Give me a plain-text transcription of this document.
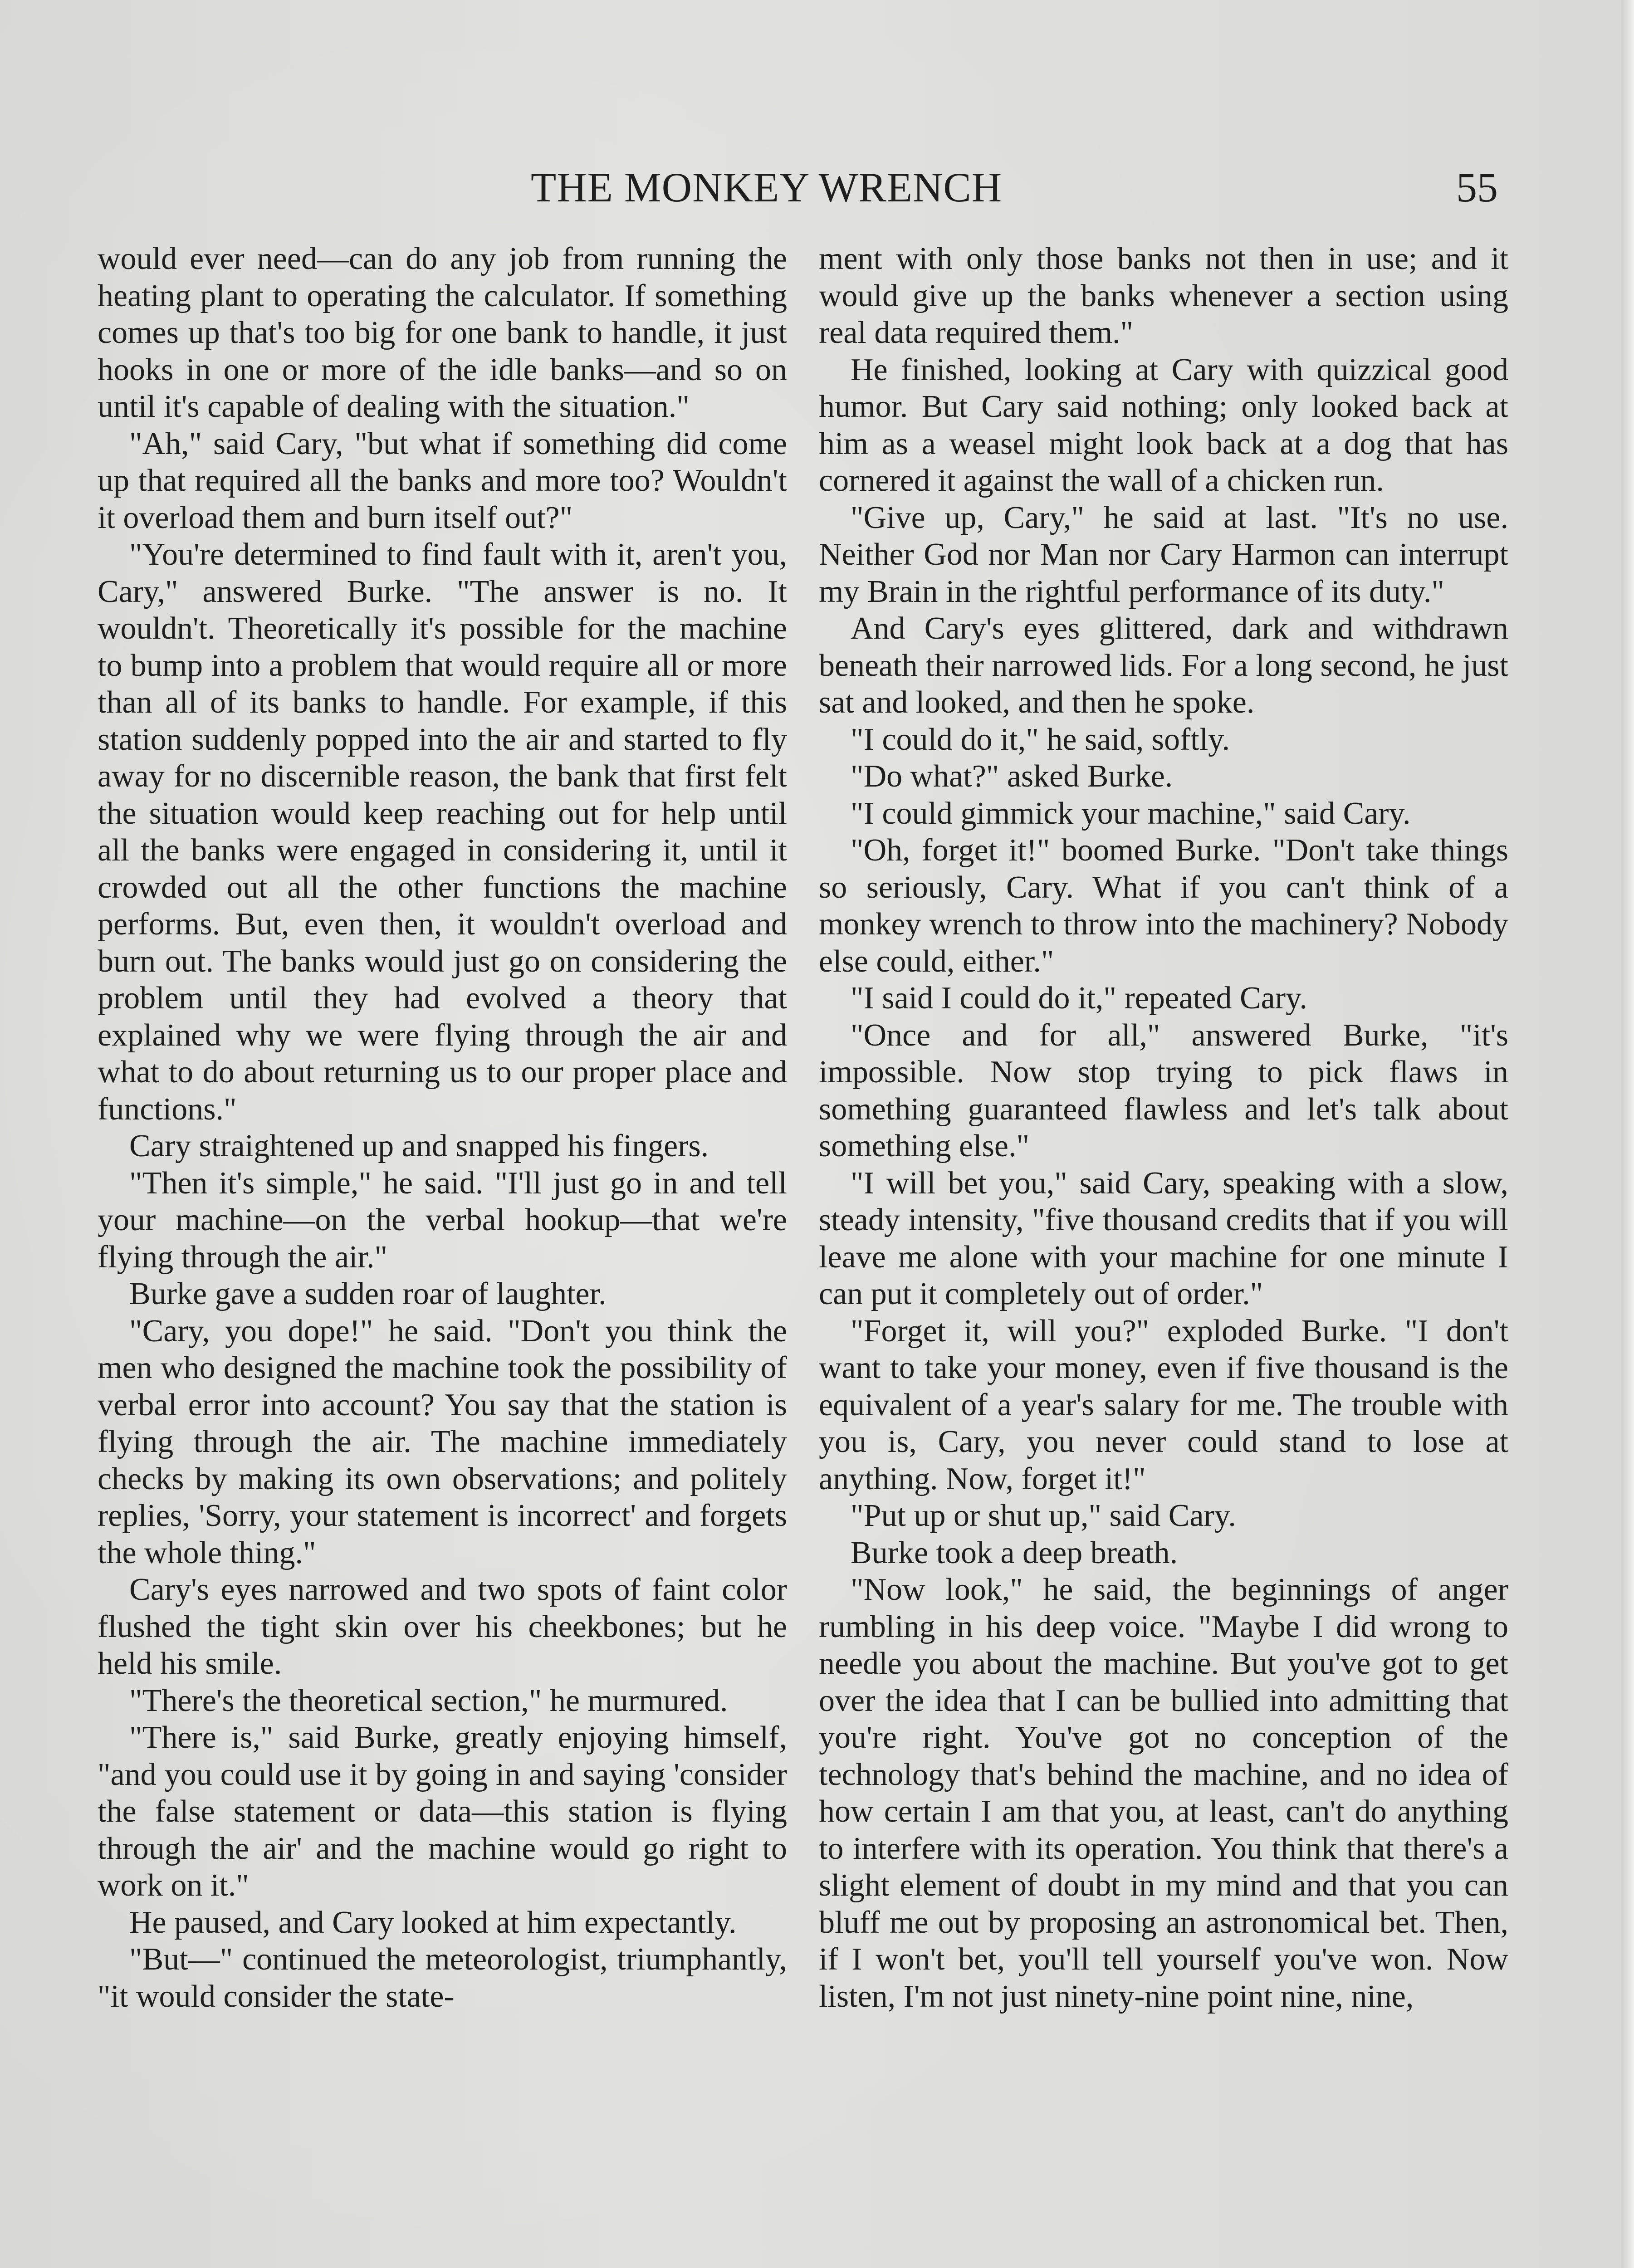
THE MONKEY WRENCH	55

would ever need—can do any job from running the heating plant to operating the calculator. If something comes up that's too big for one bank to handle, it just hooks in one or more of the idle banks—and so on until it's capable of dealing with the situation."

"Ah," said Cary, "but what if something did come up that required all the banks and more too? Wouldn't it overload them and burn itself out?"

"You're determined to find fault with it, aren't you, Cary," answered Burke. "The answer is no. It wouldn't. Theoretically it's possible for the machine to bump into a problem that would require all or more than all of its banks to handle. For example, if this station suddenly popped into the air and started to fly away for no discernible reason, the bank that first felt the situation would keep reaching out for help until all the banks were engaged in considering it, until it crowded out all the other functions the machine performs. But, even then, it wouldn't overload and burn out. The banks would just go on considering the problem until they had evolved a theory that explained why we were flying through the air and what to do about returning us to our proper place and functions."

Cary straightened up and snapped his fingers.

"Then it's simple," he said. "I'll just go in and tell your machine—on the verbal hookup—that we're flying through the air."

Burke gave a sudden roar of laughter.

"Cary, you dope!" he said. "Don't you think the men who designed the machine took the possibility of verbal error into account? You say that the station is flying through the air. The machine immediately checks by making its own observations; and politely replies, 'Sorry, your statement is incorrect' and forgets the whole thing."

Cary's eyes narrowed and two spots of faint color flushed the tight skin over his cheekbones; but he held his smile.

"There's the theoretical section," he murmured.

"There is," said Burke, greatly enjoying himself, "and you could use it by going in and saying 'consider the false statement or data—this station is flying through the air' and the machine would go right to work on it."

He paused, and Cary looked at him expectantly.

"But—" continued the meteorologist, triumphantly, "it would consider the state-

ment with only those banks not then in use; and it would give up the banks whenever a section using real data required them."

He finished, looking at Cary with quizzical good humor. But Cary said nothing; only looked back at him as a weasel might look back at a dog that has cornered it against the wall of a chicken run.

"Give up, Cary," he said at last. "It's no use. Neither God nor Man nor Cary Harmon can interrupt my Brain in the rightful performance of its duty."

And Cary's eyes glittered, dark and withdrawn beneath their narrowed lids. For a long second, he just sat and looked, and then he spoke.

"I could do it," he said, softly.

"Do what?" asked Burke.

"I could gimmick your machine," said Cary.

"Oh, forget it!" boomed Burke. "Don't take things so seriously, Cary. What if you can't think of a monkey wrench to throw into the machinery? Nobody else could, either."

"I said I could do it," repeated Cary.

"Once and for all," answered Burke, "it's impossible. Now stop trying to pick flaws in something guaranteed flawless and let's talk about something else."

"I will bet you," said Cary, speaking with a slow, steady intensity, "five thousand credits that if you will leave me alone with your machine for one minute I can put it completely out of order."

"Forget it, will you?" exploded Burke. "I don't want to take your money, even if five thousand is the equivalent of a year's salary for me. The trouble with you is, Cary, you never could stand to lose at anything. Now, forget it!"

"Put up or shut up," said Cary.

Burke took a deep breath.

"Now look," he said, the beginnings of anger rumbling in his deep voice. "Maybe I did wrong to needle you about the machine. But you've got to get over the idea that I can be bullied into admitting that you're right. You've got no conception of the technology that's behind the machine, and no idea of how certain I am that you, at least, can't do anything to interfere with its operation. You think that there's a slight element of doubt in my mind and that you can bluff me out by proposing an astronomical bet. Then, if I won't bet, you'll tell yourself you've won. Now listen, I'm not just ninety-nine point nine, nine,
